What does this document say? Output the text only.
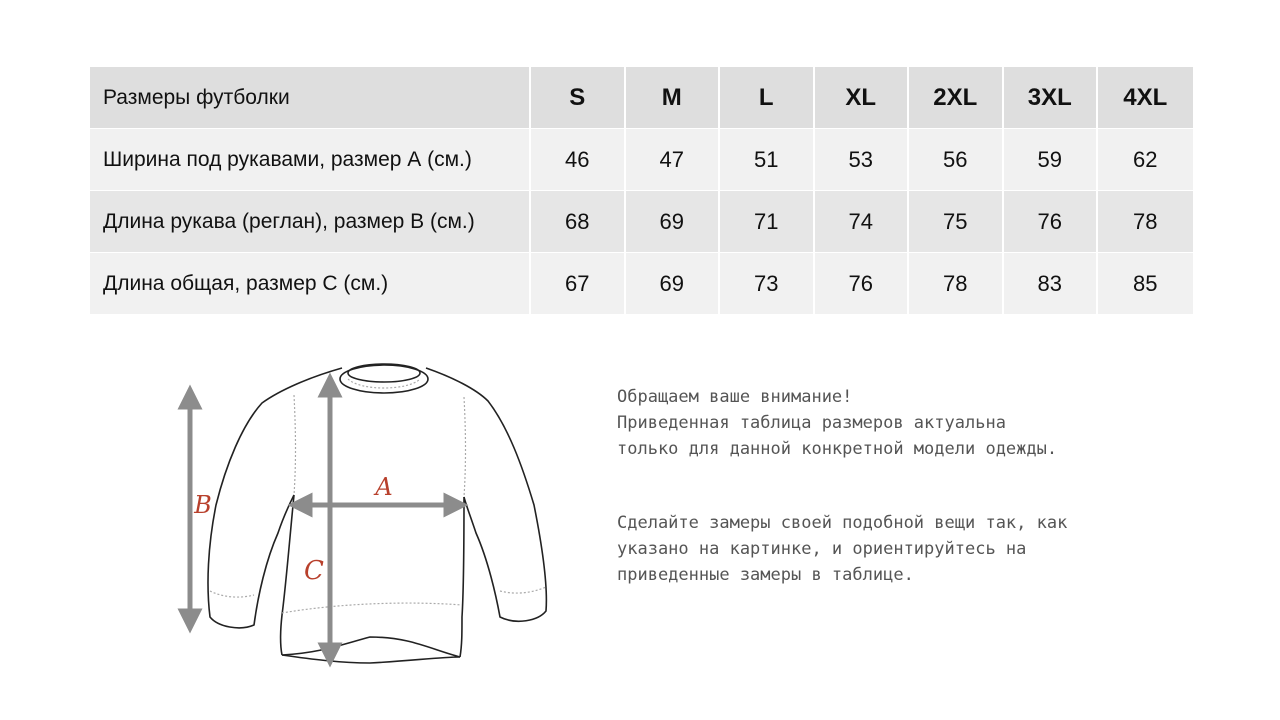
Размеры футболки	S	M	L	XL	2XL	3XL	4XL
Ширина под рукавами, размер А (см.)	46	47	51	53	56	59	62
Длина рукава (реглан), размер В (см.)	68	69	71	74	75	76	78
Длина общая, размер С (см.)	67	69	73	76	78	83	85
A
B
C

Обращаем ваше внимание!
Приведенная таблица размеров актуальна
только для данной конкретной модели одежды.

Сделайте замеры своей подобной вещи так, как
указано на картинке, и ориентируйтесь на
приведенные замеры в таблице.
